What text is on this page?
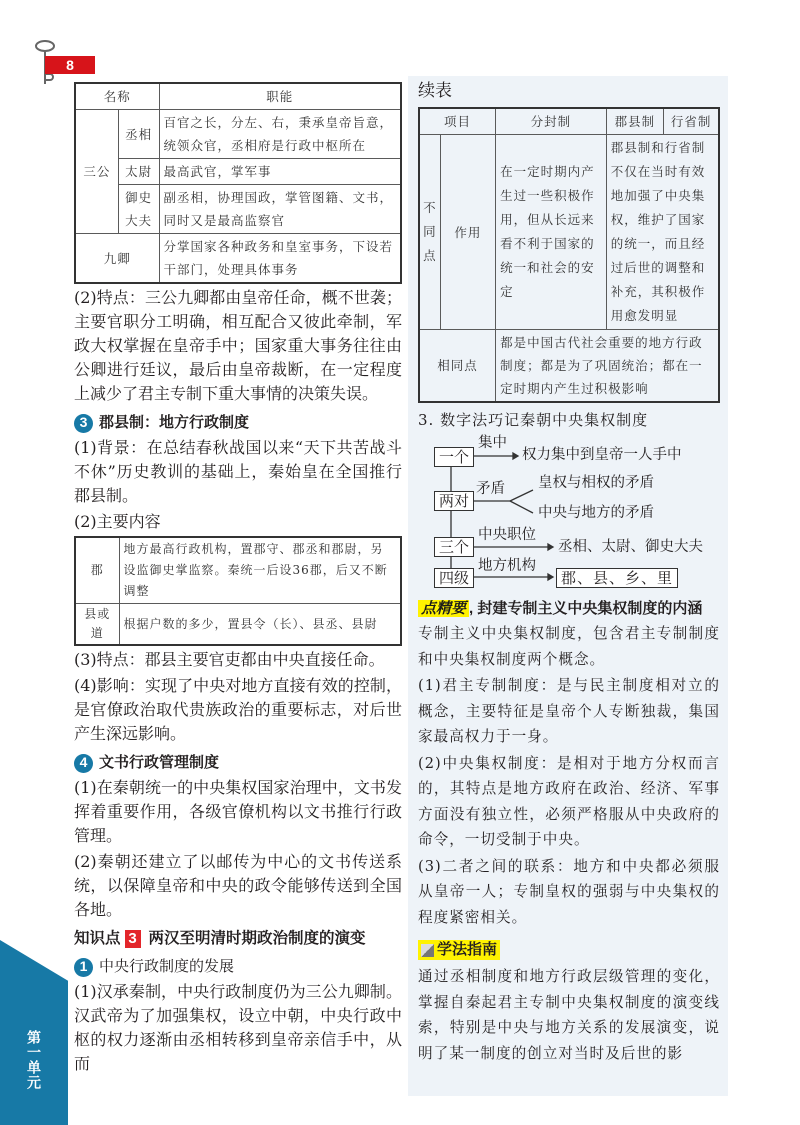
8
第一单元
名称		职能
三公	丞相	百官之长，分左、右，秉承皇帝旨意，统领众官，丞相府是行政中枢所在
	太尉	最高武官，掌军事
	御史大夫	副丞相，协理国政，掌管图籍、文书，同时又是最高监察官
九卿		分掌国家各种政务和皇室事务，下设若干部门，处理具体事务

(2)特点：三公九卿都由皇帝任命，概不世袭；主要官职分工明确，相互配合又彼此牵制，军政大权掌握在皇帝手中；国家重大事务往往由公卿进行廷议，最后由皇帝裁断，在一定程度上减少了君主专制下重大事情的决策失误。

3 郡县制：地方行政制度

(1)背景：在总结春秋战国以来“天下共苦战斗不休”历史教训的基础上，秦始皇在全国推行郡县制。

(2)主要内容

郡	地方最高行政机构，置郡守、郡丞和郡尉，另设监御史掌监察。秦统一后设36郡，后又不断调整
县或道	根据户数的多少，置县令（长）、县丞、县尉

(3)特点：郡县主要官吏都由中央直接任命。

(4)影响：实现了中央对地方直接有效的控制，是官僚政治取代贵族政治的重要标志，对后世产生深远影响。

4 文书行政管理制度

(1)在秦朝统一的中央集权国家治理中，文书发挥着重要作用，各级官僚机构以文书推行行政管理。

(2)秦朝还建立了以邮传为中心的文书传送系统，以保障皇帝和中央的政令能够传送到全国各地。

知识点 3 两汉至明清时期政治制度的演变
1 中央行政制度的发展

(1)汉承秦制，中央行政制度仍为三公九卿制。汉武帝为了加强集权，设立中朝，中央行政中枢的权力逐渐由丞相转移到皇帝亲信手中，从而

续表
项目		分封制	郡县制	行省制
不同点	作用	在一定时期内产生过一些积极作用，但从长远来看不利于国家的统一和社会的安定	郡县制和行省制不仅在当时有效地加强了中央集权，维护了国家的统一，而且经过后世的调整和补充，其积极作用愈发明显	
相同点		都是中国古代社会重要的地方行政制度；都是为了巩固统治；都在一定时期内产生过积极影响		
3. 数字法巧记秦朝中央集权制度
一个
集中
权力集中到皇帝一人手中
两对
矛盾 皇权与相权的矛盾
中央与地方的矛盾
三个
中央职位
丞相、太尉、御史大夫
四级
地方机构
郡、县、乡、里
点精要 , 封建专制主义中央集权制度的内涵

专制主义中央集权制度，包含君主专制制度和中央集权制度两个概念。

(1)君主专制制度：是与民主制度相对立的概念，主要特征是皇帝个人专断独裁，集国家最高权力于一身。

(2)中央集权制度：是相对于地方分权而言的，其特点是地方政府在政治、经济、军事方面没有独立性，必须严格服从中央政府的命令，一切受制于中央。

(3)二者之间的联系：地方和中央都必须服从皇帝一人；专制皇权的强弱与中央集权的程度紧密相关。

学法指南

通过丞相制度和地方行政层级管理的变化，掌握自秦起君主专制中央集权制度的演变线索，特别是中央与地方关系的发展演变，说明了某一制度的创立对当时及后世的影
